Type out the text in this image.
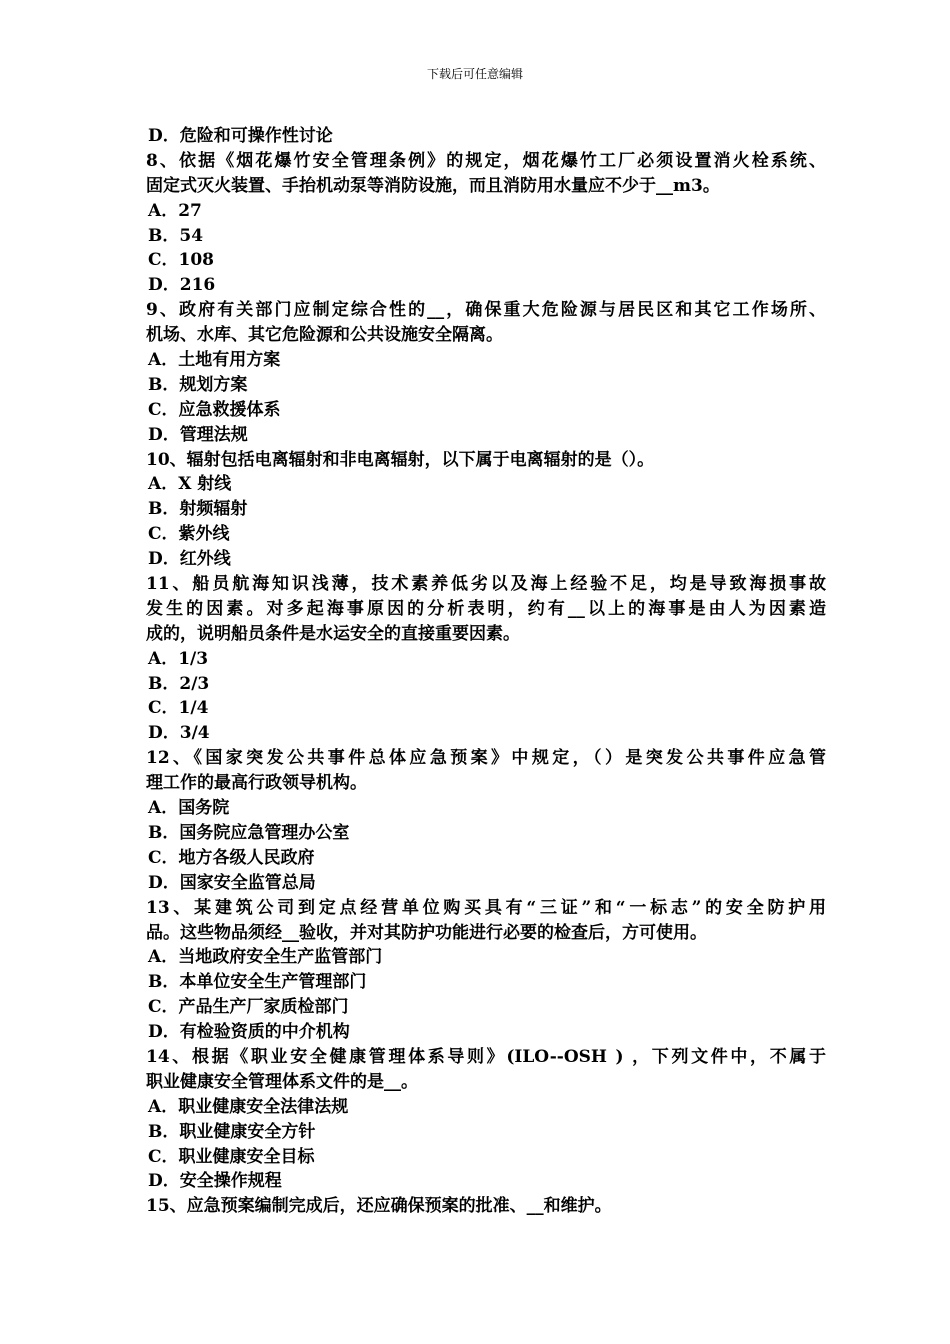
下载后可任意编辑
D．危险和可操作性讨论
8、依据《烟花爆竹安全管理条例》的规定，烟花爆竹工厂必须设置消火栓系统、
固定式灭火装置、手抬机动泵等消防设施，而且消防用水量应不少于__m3。
A．27
B．54
C．108
D．216
9、政府有关部门应制定综合性的__，确保重大危险源与居民区和其它工作场所、
机场、水库、其它危险源和公共设施安全隔离。
A．土地有用方案
B．规划方案
C．应急救援体系
D．管理法规
10、辐射包括电离辐射和非电离辐射，以下属于电离辐射的是（）。
A．X 射线
B．射频辐射
C．紫外线
D．红外线
11、船员航海知识浅薄，技术素养低劣以及海上经验不足，均是导致海损事故
发生的因素。对多起海事原因的分析表明，约有__以上的海事是由人为因素造
成的，说明船员条件是水运安全的直接重要因素。
A．1/3
B．2/3
C．1/4
D．3/4
12、《国家突发公共事件总体应急预案》中规定，（）是突发公共事件应急管
理工作的最高行政领导机构。
A．国务院
B．国务院应急管理办公室
C．地方各级人民政府
D．国家安全监管总局
13、某建筑公司到定点经营单位购买具有“三证”和“一标志”的安全防护用
品。这些物品须经__验收，并对其防护功能进行必要的检查后，方可使用。
A．当地政府安全生产监管部门
B．本单位安全生产管理部门
C．产品生产厂家质检部门
D．有检验资质的中介机构
14、根据《职业安全健康管理体系导则》(ILO--OSH ) ，下列文件中，不属于
职业健康安全管理体系文件的是__。
A．职业健康安全法律法规
B．职业健康安全方针
C．职业健康安全目标
D．安全操作规程
15、应急预案编制完成后，还应确保预案的批准、__和维护。
